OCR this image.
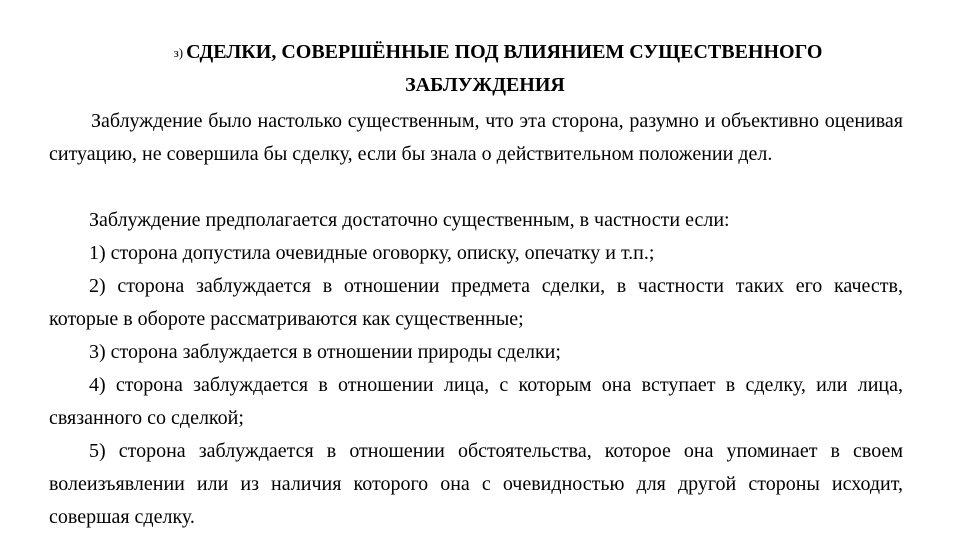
з) СДЕЛКИ, СОВЕРШЁННЫЕ ПОД ВЛИЯНИЕМ СУЩЕСТВЕННОГО
ЗАБЛУЖДЕНИЯ

Заблуждение было настолько существенным, что эта сторона, разумно и объективно оценивая ситуацию, не совершила бы сделку, если бы знала о действительном положении дел.

Заблуждение предполагается достаточно существенным, в частности если:

1) сторона допустила очевидные оговорку, описку, опечатку и т.п.;

2) сторона заблуждается в отношении предмета сделки, в частности таких его качеств, которые в обороте рассматриваются как существенные;

3) сторона заблуждается в отношении природы сделки;

4) сторона заблуждается в отношении лица, с которым она вступает в сделку, или лица, связанного со сделкой;

5) сторона заблуждается в отношении обстоятельства, которое она упоминает в своем волеизъявлении или из наличия которого она с очевидностью для другой стороны исходит, совершая сделку.
